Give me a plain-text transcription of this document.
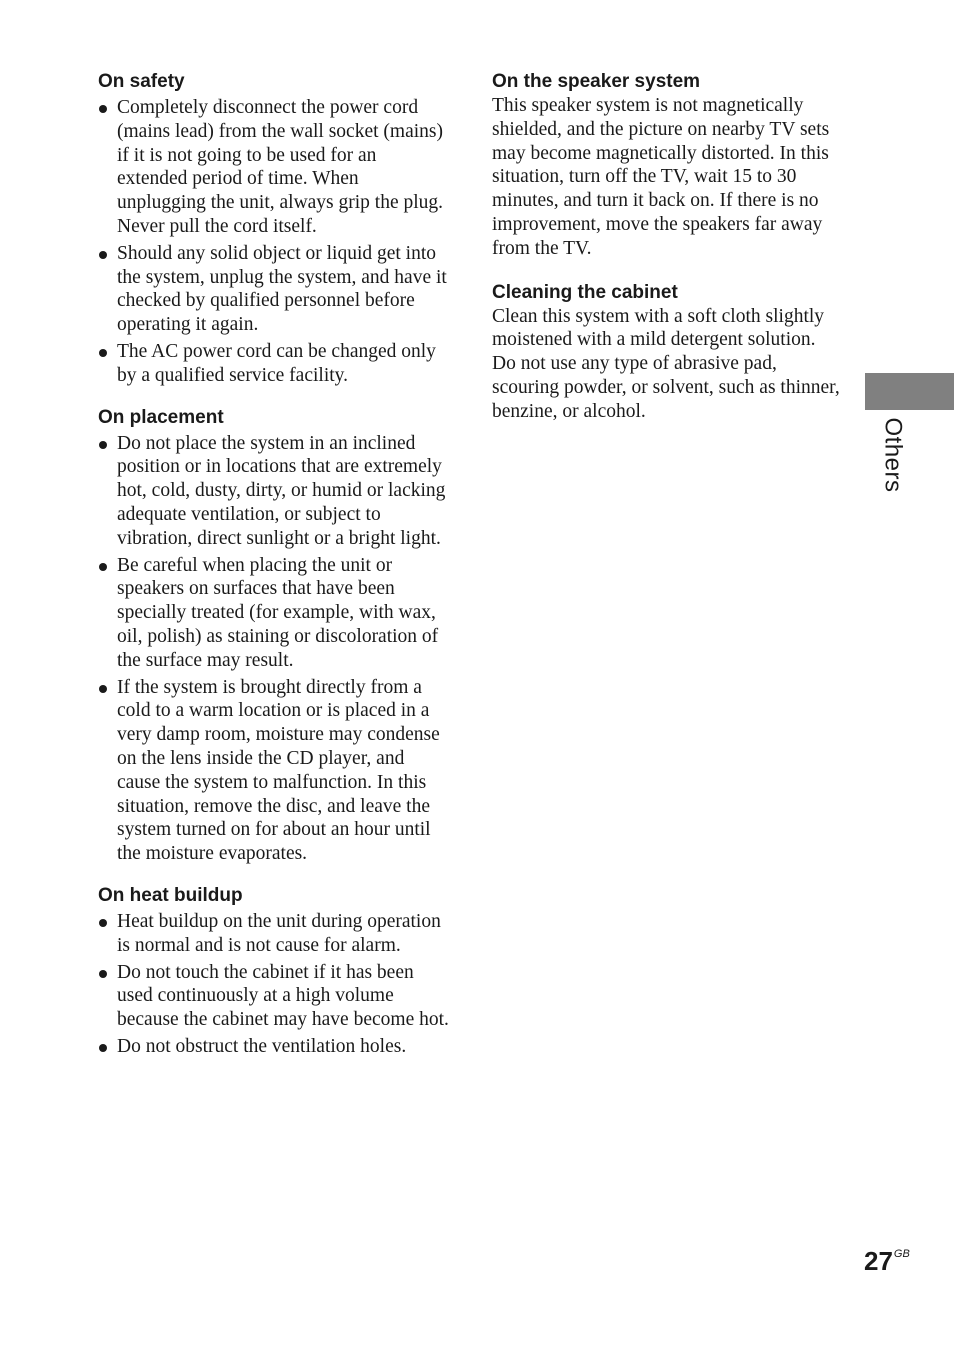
On safety
Completely disconnect the power cord (mains lead) from the wall socket (mains) if it is not going to be used for an extended period of time. When unplugging the unit, always grip the plug. Never pull the cord itself.
Should any solid object or liquid get into the system, unplug the system, and have it checked by qualified personnel before operating it again.
The AC power cord can be changed only by a qualified service facility.
On placement
Do not place the system in an inclined position or in locations that are extremely hot, cold, dusty, dirty, or humid or lacking adequate ventilation, or subject to vibration, direct sunlight or a bright light.
Be careful when placing the unit or speakers on surfaces that have been specially treated (for example, with wax, oil, polish) as staining or discoloration of the surface may result.
If the system is brought directly from a cold to a warm location or is placed in a very damp room, moisture may condense on the lens inside the CD player, and cause the system to malfunction. In this situation, remove the disc, and leave the system turned on for about an hour until the moisture evaporates.
On heat buildup
Heat buildup on the unit during operation is normal and is not cause for alarm.
Do not touch the cabinet if it has been used continuously at a high volume because the cabinet may have become hot.
Do not obstruct the ventilation holes.
On the speaker system

This speaker system is not magnetically shielded, and the picture on nearby TV sets may become magnetically distorted. In this situation, turn off the TV, wait 15 to 30 minutes, and turn it back on. If there is no improvement, move the speakers far away from the TV.

Cleaning the cabinet

Clean this system with a soft cloth slightly moistened with a mild detergent solution. Do not use any type of abrasive pad, scouring powder, or solvent, such as thinner, benzine, or alcohol.

Others
$27^{GB}$
